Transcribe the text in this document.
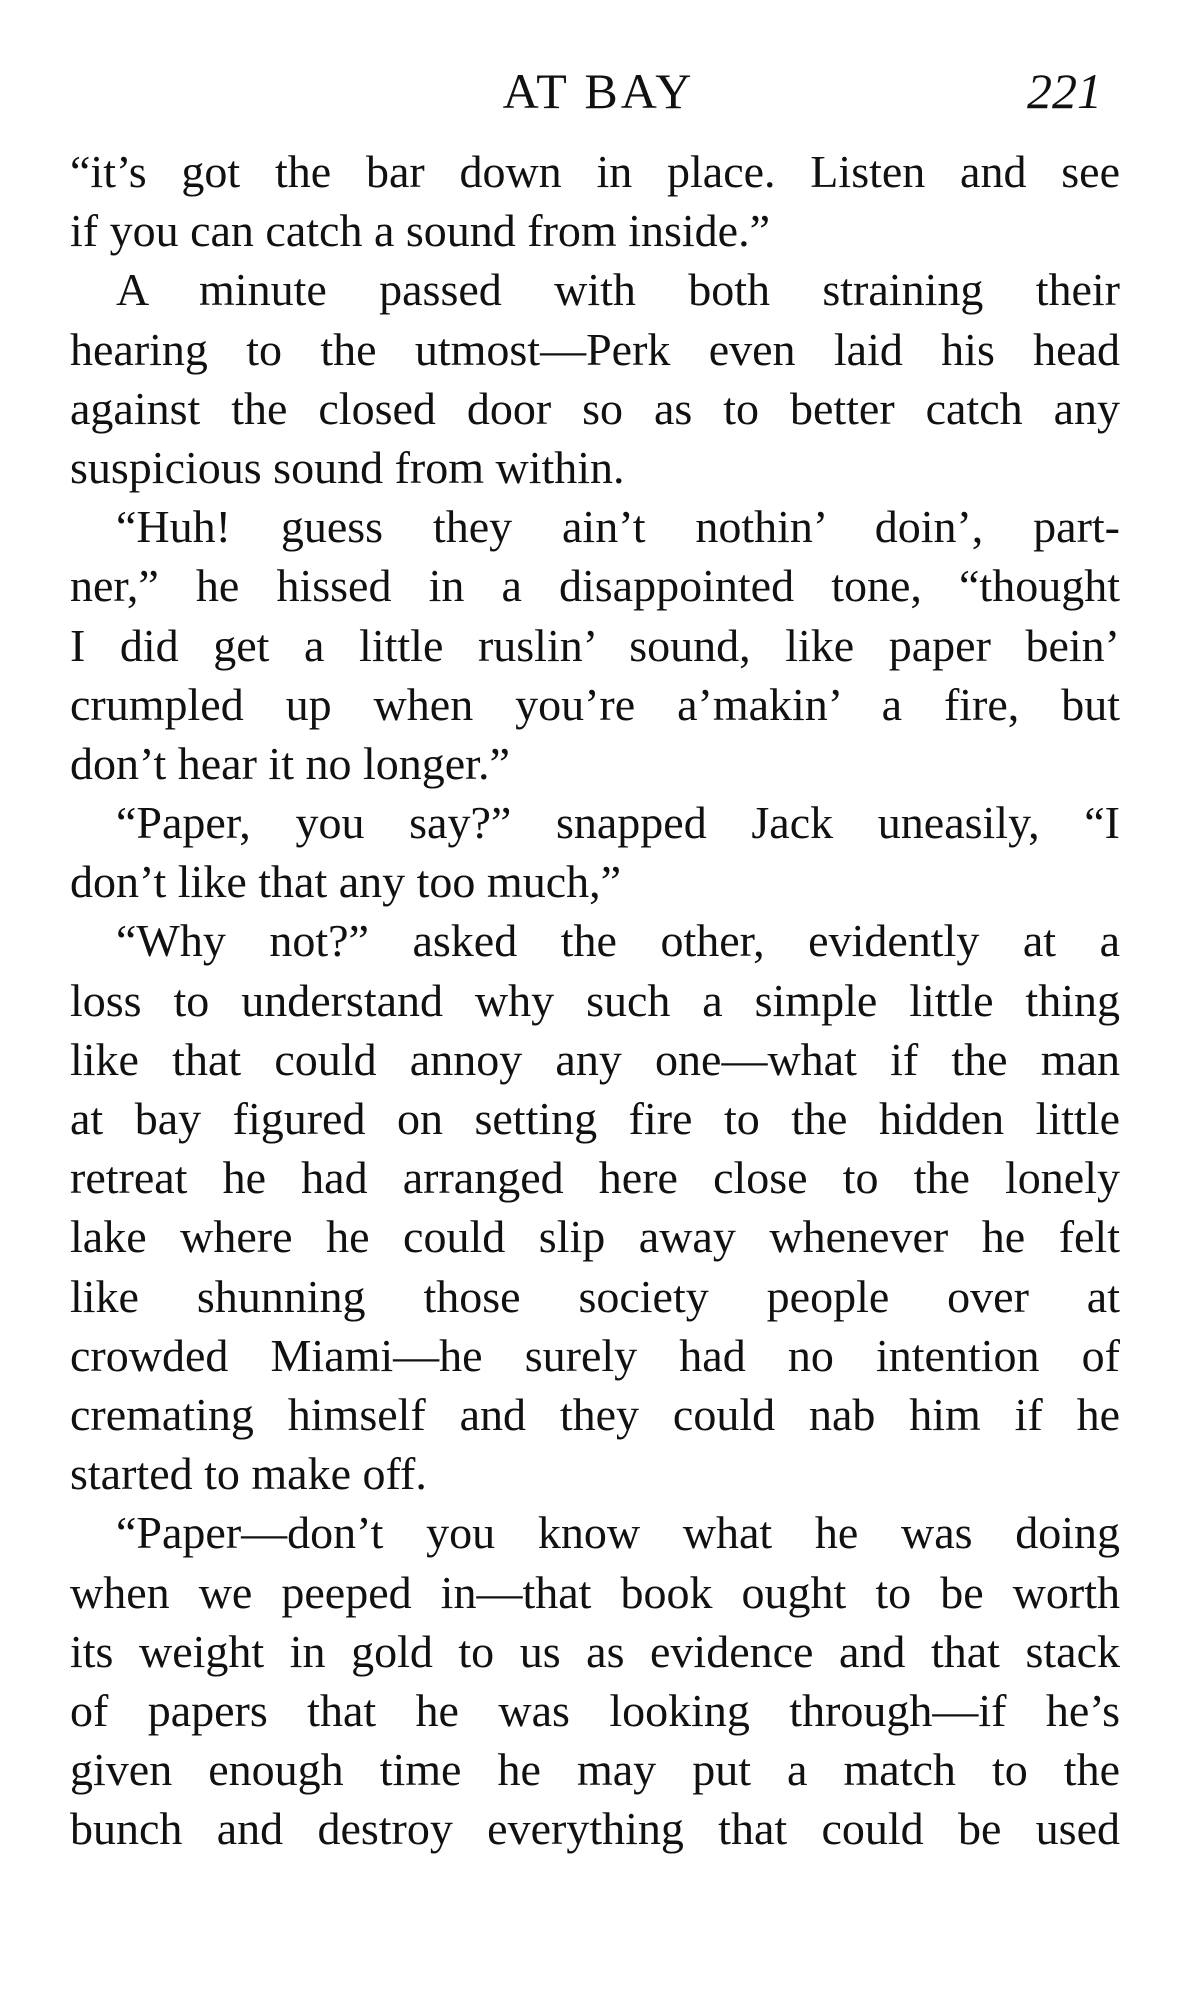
AT BAY	221

“it’s got the bar down in place. Listen and see
if you can catch a sound from inside.”

A minute passed with both straining their
hearing to the utmost—Perk even laid his head
against the closed door so as to better catch any
suspicious sound from within.

“Huh! guess they ain’t nothin’ doin’, part-
ner,” he hissed in a disappointed tone, “thought
I did get a little ruslin’ sound, like paper bein’
crumpled up when you’re a’makin’ a fire, but
don’t hear it no longer.”

“Paper, you say?” snapped Jack uneasily, “I
don’t like that any too much,”

“Why not?” asked the other, evidently at a
loss to understand why such a simple little thing
like that could annoy any one—what if the man
at bay figured on setting fire to the hidden little
retreat he had arranged here close to the lonely
lake where he could slip away whenever he felt
like shunning those society people over at
crowded Miami—he surely had no intention of
cremating himself and they could nab him if he
started to make off.

“Paper—don’t you know what he was doing
when we peeped in—that book ought to be worth
its weight in gold to us as evidence and that stack
of papers that he was looking through—if he’s
given enough time he may put a match to the
bunch and destroy everything that could be used
